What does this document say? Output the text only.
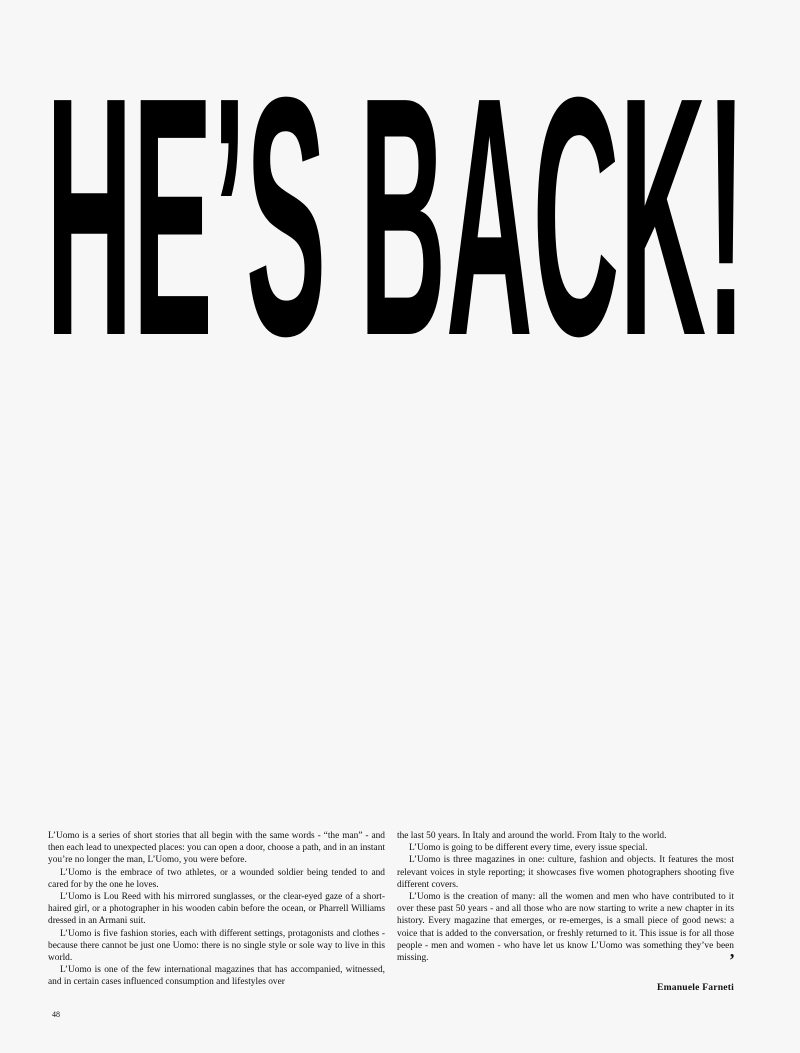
HE’S BACK!

L’Uomo is a series of short stories that all begin with the same words - “the man” - and then each lead to unexpected places: you can open a door, choose a path, and in an instant you’re no longer the man, L’Uomo, you were before.

L’Uomo is the embrace of two athletes, or a wounded soldier being tended to and cared for by the one he loves.

L’Uomo is Lou Reed with his mirrored sunglasses, or the clear-eyed gaze of a short-haired girl, or a photographer in his wooden cabin before the ocean, or Pharrell Williams dressed in an Armani suit.

L’Uomo is five fashion stories, each with different settings, protagonists and clothes - because there cannot be just one Uomo: there is no single style or sole way to live in this world.

L’Uomo is one of the few international magazines that has accompanied, witnessed, and in certain cases influenced consumption and lifestyles over

the last 50 years. In Italy and around the world. From Italy to the world.

L’Uomo is going to be different every time, every issue special.

L’Uomo is three magazines in one: culture, fashion and objects. It features the most relevant voices in style reporting; it showcases five women photographers shooting five different covers.

L’Uomo is the creation of many: all the women and men who have contributed to it over these past 50 years - and all those who are now starting to write a new chapter in its history. Every magazine that emerges, or re-emerges, is a small piece of good news: a voice that is added to the conversation, or freshly returned to it. This issue is for all those people - men and women - who have let us know L’Uomo was something they’ve been missing.	’
Emanuele Farneti
48
